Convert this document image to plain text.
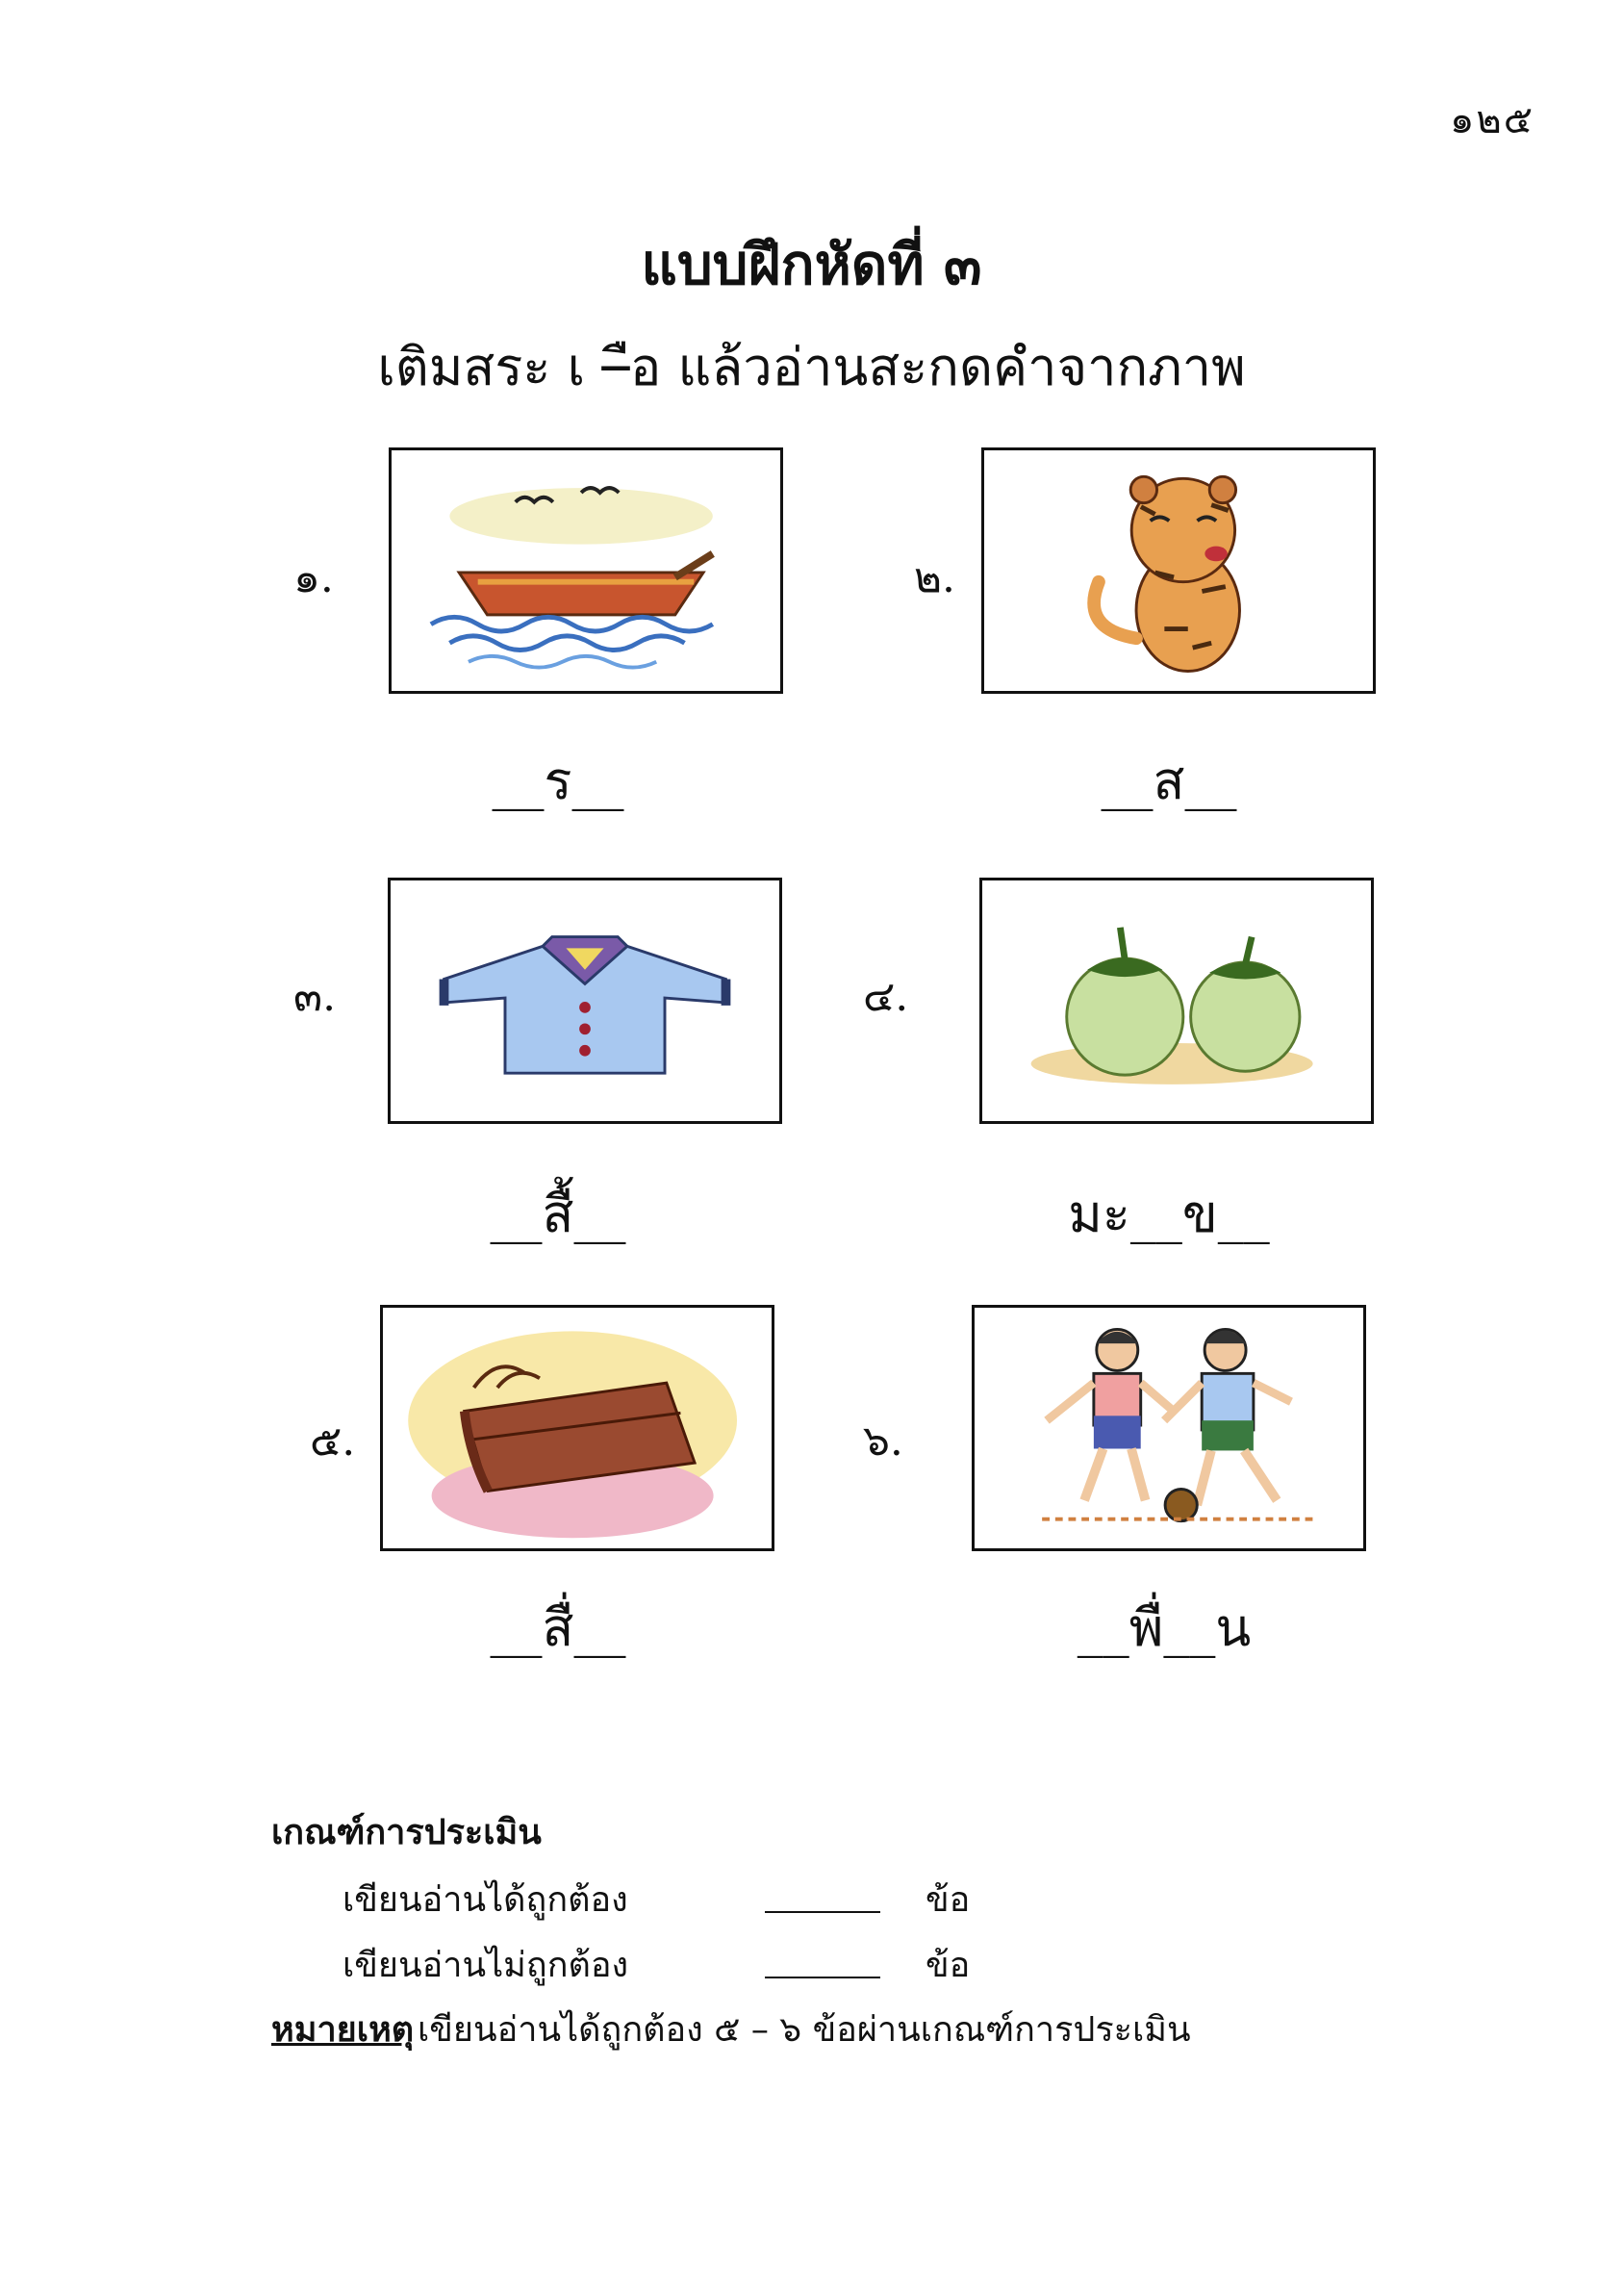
๑๒๕
แบบฝึกหัดที่ ๓
เติมสระ เ –ือ แล้วอ่านสะกดคำจากภาพ
๑.
__ร__
๒.
__ส__
๓.
__สื้__
๔.
มะ__ข__
๕.
__สื่__
๖.
__พื่__น
เกณฑ์การประเมิน
เขียนอ่านได้ถูกต้อง	ข้อ
เขียนอ่านไม่ถูกต้อง	ข้อ
หมายเหตุ เขียนอ่านได้ถูกต้อง ๕ – ๖ ข้อผ่านเกณฑ์การประเมิน
